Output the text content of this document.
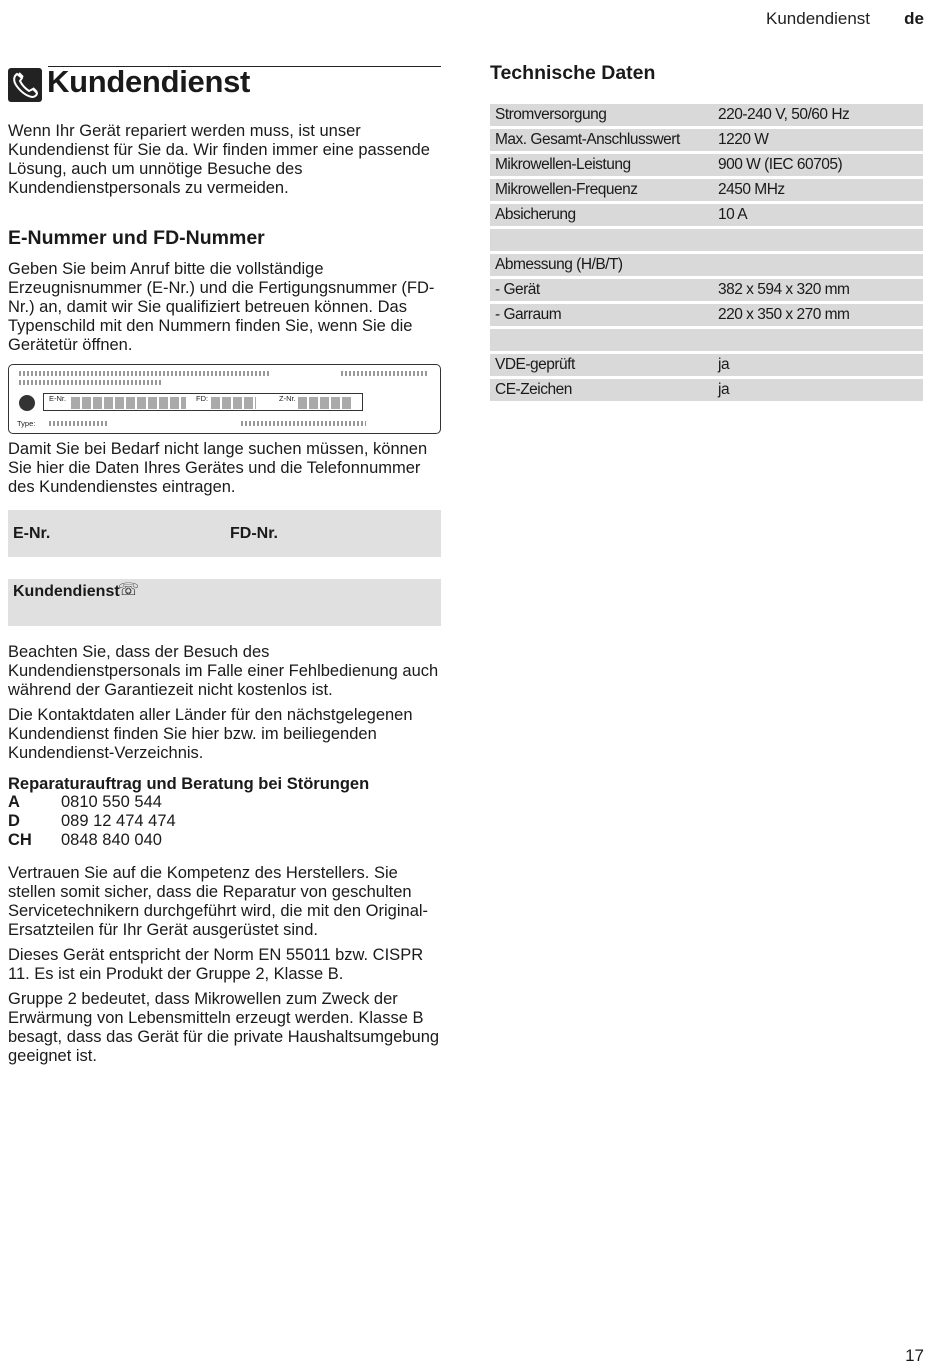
Kundendienst de
Kundendienst
Wenn Ihr Gerät repariert werden muss, ist unser Kundendienst für Sie da. Wir finden immer eine passende Lösung, auch um unnötige Besuche des Kundendienstpersonals zu vermeiden.
E-Nummer und FD-Nummer
Geben Sie beim Anruf bitte die vollständige Erzeugnisnummer (E-Nr.) und die Fertigungsnummer (FD-Nr.) an, damit wir Sie qualifiziert betreuen können. Das Typenschild mit den Nummern finden Sie, wenn Sie die Gerätetür öffnen.
E-Nr.	FD:	Z-Nr.
Type:
Damit Sie bei Bedarf nicht lange suchen müssen, können Sie hier die Daten Ihres Gerätes und die Telefonnummer des Kundendienstes eintragen.
E-Nr.	FD-Nr.
Kundendienst
☏
Beachten Sie, dass der Besuch des Kundendienstpersonals im Falle einer Fehlbedienung auch während der Garantiezeit nicht kostenlos ist.
Die Kontaktdaten aller Länder für den nächstgelegenen Kundendienst finden Sie hier bzw. im beiliegenden Kundendienst-Verzeichnis.
Reparaturauftrag und Beratung bei Störungen
A	0810 550 544
D	089 12 474 474
CH	0848 840 040
Vertrauen Sie auf die Kompetenz des Herstellers. Sie stellen somit sicher, dass die Reparatur von geschulten Servicetechnikern durchgeführt wird, die mit den Original-Ersatzteilen für Ihr Gerät ausgerüstet sind.
Dieses Gerät entspricht der Norm EN 55011 bzw. CISPR 11. Es ist ein Produkt der Gruppe 2, Klasse B.
Gruppe 2 bedeutet, dass Mikrowellen zum Zweck der Erwärmung von Lebensmitteln erzeugt werden. Klasse B besagt, dass das Gerät für die private Haushaltsumgebung geeignet ist.
Technische Daten
Stromversorgung	220-240 V, 50/60 Hz
Max. Gesamt-Anschlusswert	1220 W
Mikrowellen-Leistung	900 W (IEC 60705)
Mikrowellen-Frequenz	2450 MHz
Absicherung	10 A

Abmessung (H/B/T)	
- Gerät	382 x 594 x 320 mm
- Garraum	220 x 350 x 270 mm

VDE-geprüft	ja
CE-Zeichen	ja
17
